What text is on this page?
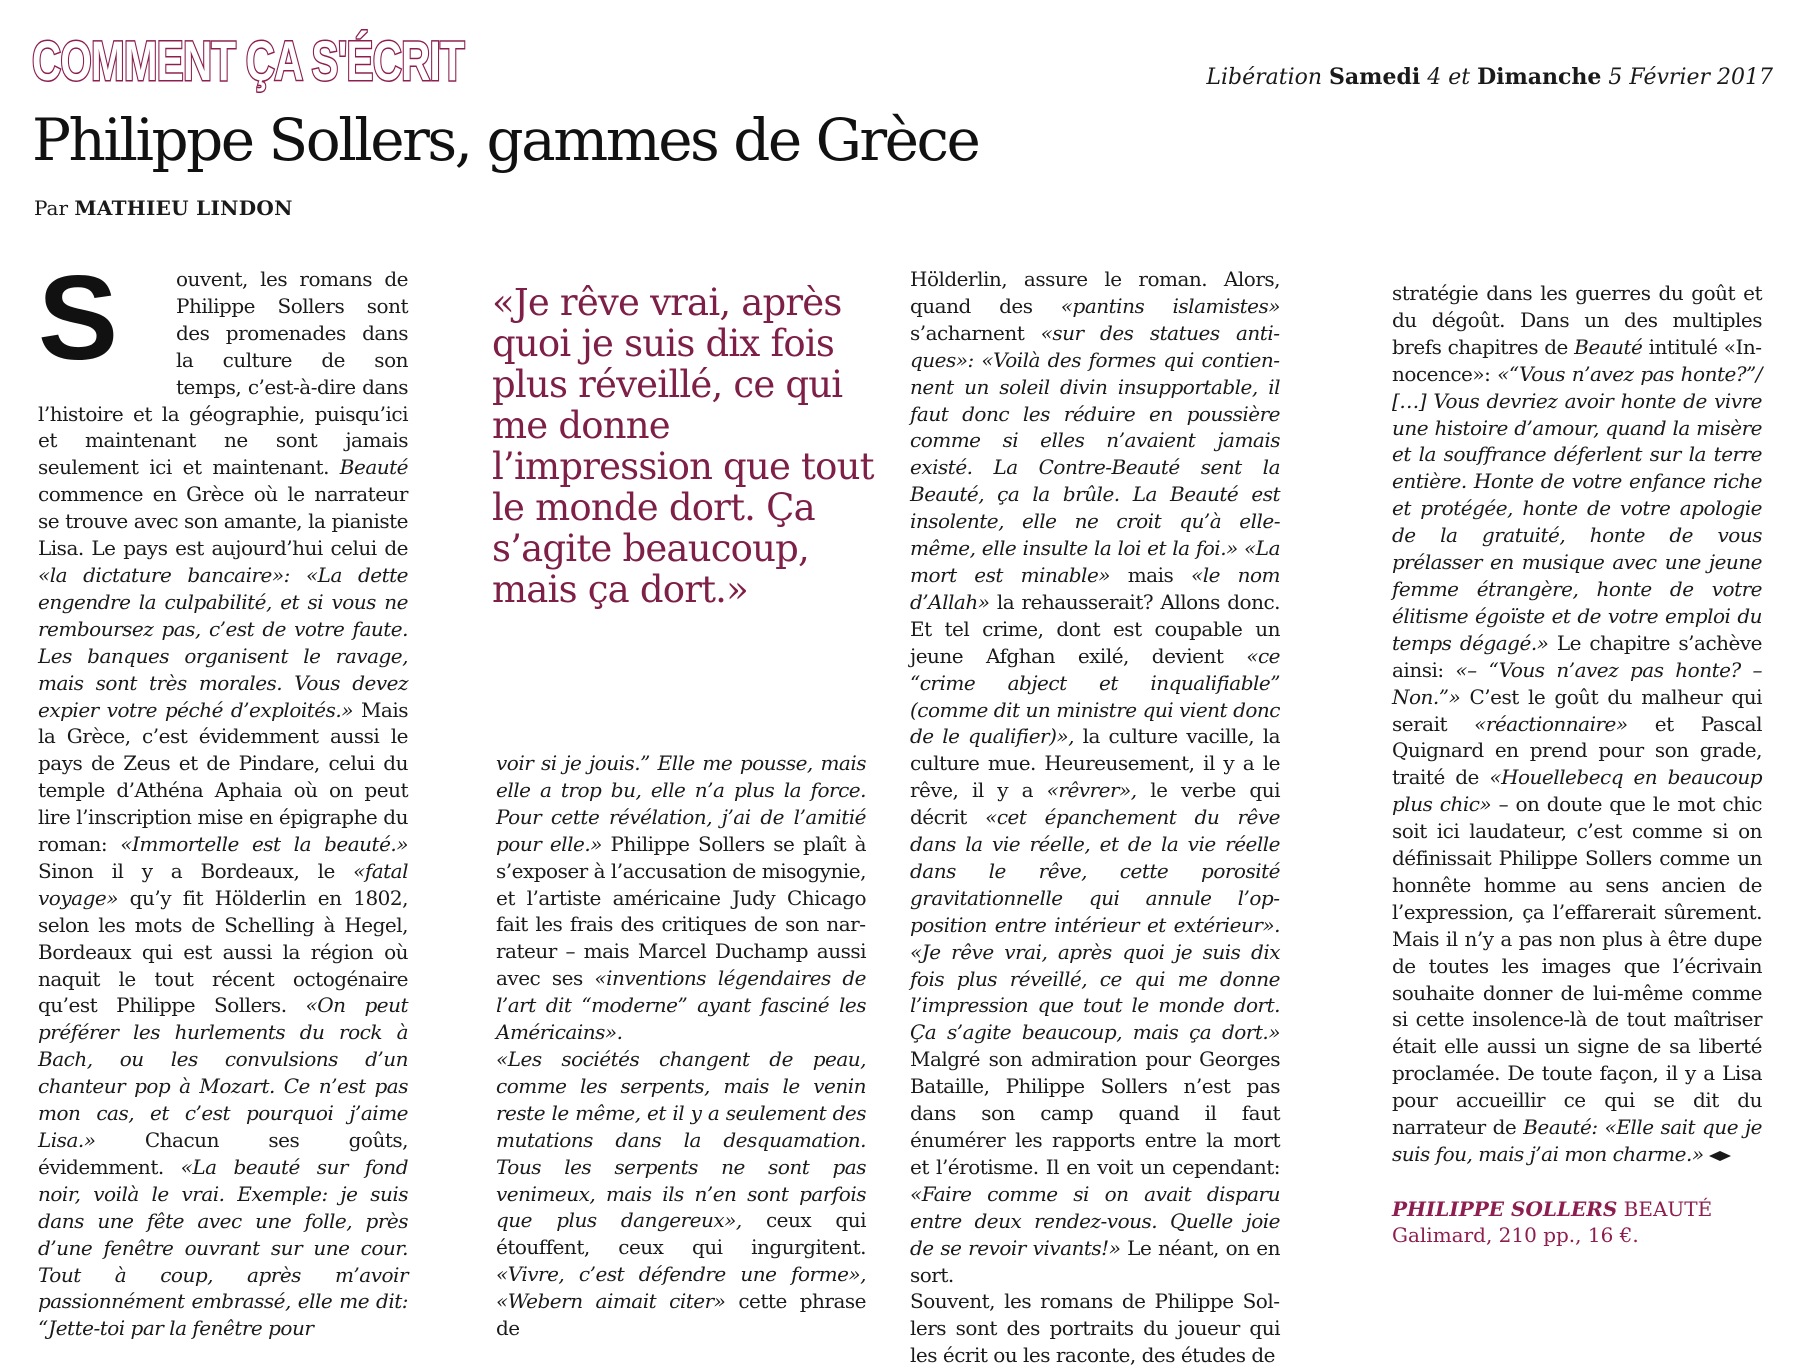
COMMENT ÇA S'ÉCRIT	Libération Samedi 4 et Dimanche 5 Février 2017
Philippe Sollers, gammes de Grèce
Par MATHIEU LINDON

S	ouvent, les romans de Philippe Sollers sont des promenades dans la culture de son temps, c’est-à-dire dans l’histoire et la géographie, puisqu’ici et maintenant ne sont jamais seulement ici et maintenant. Beauté commence en Grèce où le narrateur se trouve avec son amante, la pianiste Lisa. Le pays est aujourd’hui celui de «la dictature bancaire»: «La dette engendre la culpabilité, et si vous ne remboursez pas, c’est de votre faute. Les banques organisent le ravage, mais sont très morales. Vous devez expier votre péché d’exploités.» Mais la Grèce, c’est évidemment aussi le pays de Zeus et de Pindare, celui du temple d’Athéna Aphaia où on peut lire l’inscription mise en épigraphe du roman: «Immortelle est la beauté.» Sinon il y a Bordeaux, le «fatal voyage» qu’y fit Hölderlin en 1802, selon les mots de Schelling à Hegel, Bordeaux qui est aussi la région où naquit le tout récent octogénaire qu’est Philippe Sollers. «On peut préférer les hurlements du rock à Bach, ou les convulsions d’un chanteur pop à Mozart. Ce n’est pas mon cas, et c’est pourquoi j’aime Lisa.» Chacun ses goûts, évidemment. «La beauté sur fond noir, voilà le vrai. Exemple: je suis dans une fête avec une folle, près d’une fenêtre ouvrant sur une cour. Tout à coup, après m’avoir passionnément embrassé, elle me dit: “Jette-toi par la fenêtre pour

«Je rêve vrai, après quoi je suis dix fois plus réveillé, ce qui me donne l’impression que tout le monde dort. Ça s’agite beaucoup, mais ça dort.»

voir si je jouis.” Elle me pousse, mais elle a trop bu, elle n’a plus la force. Pour cette révélation, j’ai de l’amitié pour elle.» Philippe Sollers se plaît à s’exposer à l’accusation de misogynie, et l’artiste américaine Judy Chicago fait les frais des critiques de son narrateur – mais Marcel Duchamp aussi avec ses «inventions légendaires de l’art dit “moderne” ayant fasciné les Américains».

«Les sociétés changent de peau, comme les serpents, mais le venin reste le même, et il y a seulement des mutations dans la desquamation. Tous les serpents ne sont pas venimeux, mais ils n’en sont parfois que plus dangereux», ceux qui étouffent, ceux qui ingurgitent. «Vivre, c’est défendre une forme», «Webern aimait citer» cette phrase de

Hölderlin, assure le roman. Alors, quand des «pantins islamistes» s’acharnent «sur des statues antiques»: «Voilà des formes qui contiennent un soleil divin insupportable, il faut donc les réduire en poussière comme si elles n’avaient jamais existé. La Contre-Beauté sent la Beauté, ça la brûle. La Beauté est insolente, elle ne croit qu’à elle-même, elle insulte la loi et la foi.» «La mort est minable» mais «le nom d’Allah» la rehausserait? Allons donc. Et tel crime, dont est coupable un jeune Afghan exilé, devient «ce “crime abject et inqualifiable” (comme dit un ministre qui vient donc de le qualifier)», la culture vacille, la culture mue. Heureusement, il y a le rêve, il y a «rêvrer», le verbe qui décrit «cet épanchement du rêve dans la vie réelle, et de la vie réelle dans le rêve, cette porosité gravitationnelle qui annule l’opposition entre intérieur et extérieur». «Je rêve vrai, après quoi je suis dix fois plus réveillé, ce qui me donne l’impression que tout le monde dort. Ça s’agite beaucoup, mais ça dort.» Malgré son admiration pour Georges Bataille, Philippe Sollers n’est pas dans son camp quand il faut énumérer les rapports entre la mort et l’érotisme. Il en voit un cependant: «Faire comme si on avait disparu entre deux rendez-vous. Quelle joie de se revoir vivants!» Le néant, on en sort.

Souvent, les romans de Philippe Sollers sont des portraits du joueur qui les écrit ou les raconte, des études de

stratégie dans les guerres du goût et du dégoût. Dans un des multiples brefs chapitres de Beauté intitulé «Innocence»: «“Vous n’avez pas honte?”/ […] Vous devriez avoir honte de vivre une histoire d’amour, quand la misère et la souffrance déferlent sur la terre entière. Honte de votre enfance riche et protégée, honte de votre apologie de la gratuité, honte de vous prélasser en musique avec une jeune femme étrangère, honte de votre élitisme égoïste et de votre emploi du temps dégagé.» Le chapitre s’achève ainsi: «– “Vous n’avez pas honte? – Non.”» C’est le goût du malheur qui serait «réactionnaire» et Pascal Quignard en prend pour son grade, traité de «Houellebecq en beaucoup plus chic» – on doute que le mot chic soit ici laudateur, c’est comme si on définissait Philippe Sollers comme un honnête homme au sens ancien de l’expression, ça l’effarerait sûrement. Mais il n’y a pas non plus à être dupe de toutes les images que l’écrivain souhaite donner de lui-même comme si cette insolence-là de tout maîtriser était elle aussi un signe de sa liberté proclamée. De toute façon, il y a Lisa pour accueillir ce qui se dit du narrateur de Beauté: «Elle sait que je suis fou, mais j’ai mon charme.»

PHILIPPE SOLLERS BEAUTÉ
Galimard, 210 pp., 16 €.
